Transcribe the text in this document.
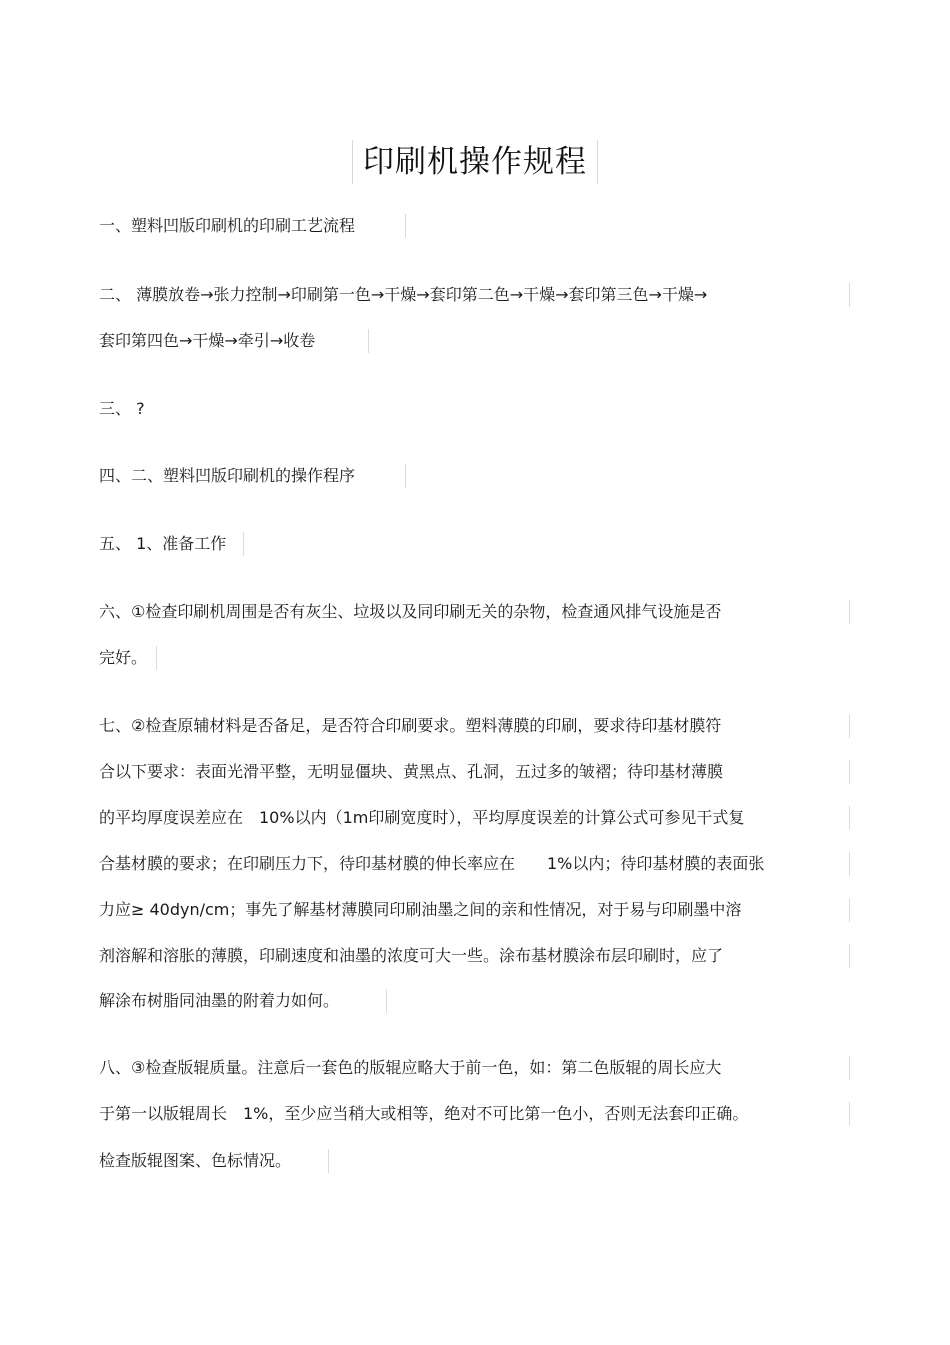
印刷机操作规程
一、塑料凹版印刷机的印刷工艺流程
二、 薄膜放卷→张力控制→印刷第一色→干燥→套印第二色→干燥→套印第三色→干燥→
套印第四色→干燥→牵引→收卷
三、 ?
四、二、塑料凹版印刷机的操作程序
五、 1、准备工作
六、①检查印刷机周围是否有灰尘、垃圾以及同印刷无关的杂物，检查通风排气设施是否
完好。
七、②检查原辅材料是否备足，是否符合印刷要求。塑料薄膜的印刷，要求待印基材膜符
合以下要求：表面光滑平整，无明显僵块、黄黑点、孔洞，五过多的皱褶；待印基材薄膜
的平均厚度误差应在　10%以内（1m印刷宽度时），平均厚度误差的计算公式可参见干式复
合基材膜的要求；在印刷压力下，待印基材膜的伸长率应在　　1%以内；待印基材膜的表面张
力应≥ 40dyn/cm；事先了解基材薄膜同印刷油墨之间的亲和性情况，对于易与印刷墨中溶
剂溶解和溶胀的薄膜，印刷速度和油墨的浓度可大一些。涂布基材膜涂布层印刷时，应了
解涂布树脂同油墨的附着力如何。
八、③检查版辊质量。注意后一套色的版辊应略大于前一色，如：第二色版辊的周长应大
于第一以版辊周长　1%，至少应当稍大或相等，绝对不可比第一色小，否则无法套印正确。
检查版辊图案、色标情况。
